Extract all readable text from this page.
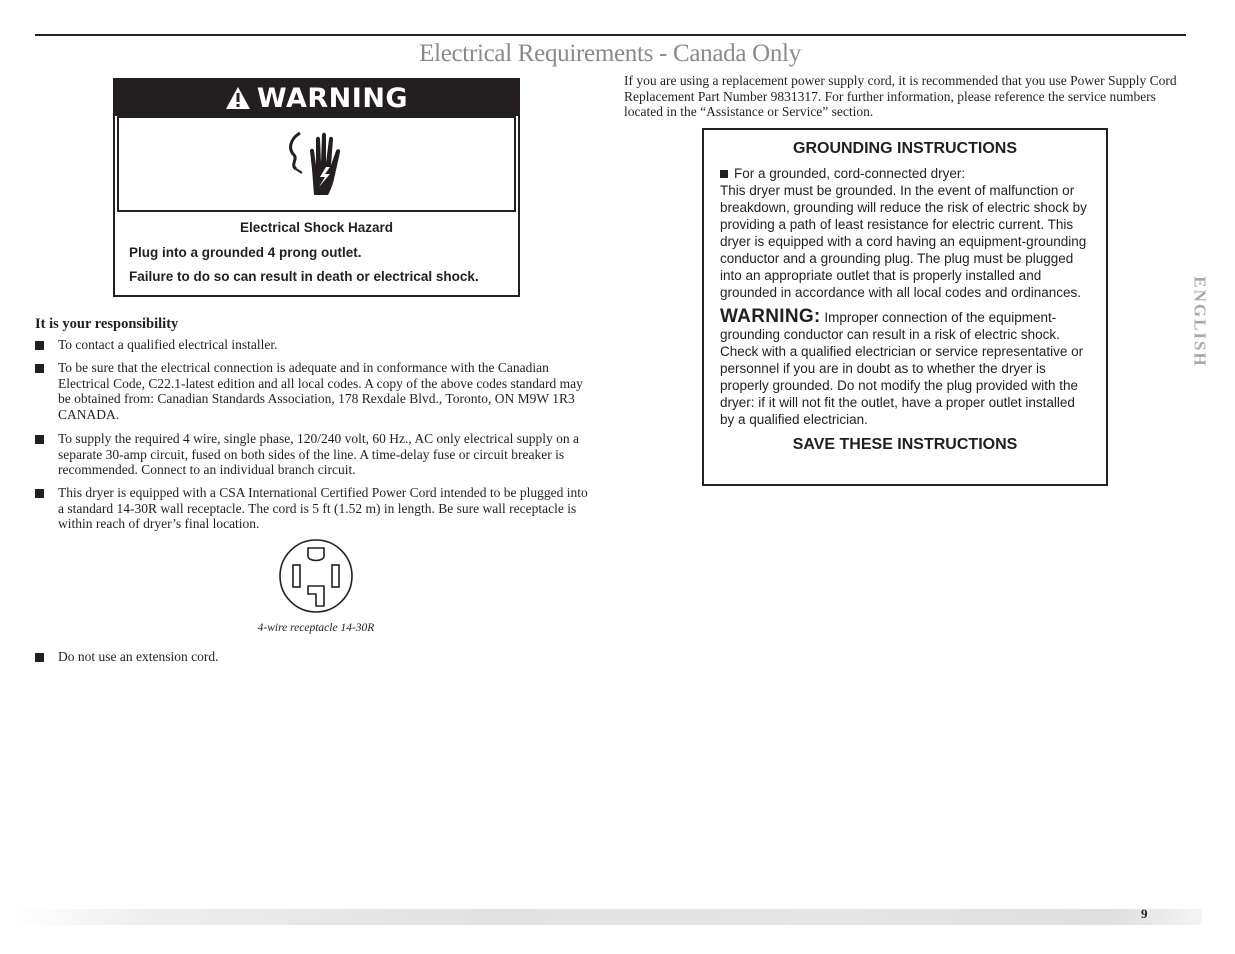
Electrical Requirements - Canada Only
ENGLISH
WARNING

Electrical Shock Hazard

Plug into a grounded 4 prong outlet.

Failure to do so can result in death or electrical shock.

It is your responsibility
To contact a qualified electrical installer.
To be sure that the electrical connection is adequate and in conformance with the Canadian Electrical Code, C22.1-latest edition and all local codes. A copy of the above codes standard may be obtained from: Canadian Standards Association, 178 Rexdale Blvd., Toronto, ON M9W 1R3 CANADA.
To supply the required 4 wire, single phase, 120/240 volt, 60 Hz., AC only electrical supply on a separate 30-amp circuit, fused on both sides of the line. A time-delay fuse or circuit breaker is recommended. Connect to an individual branch circuit.
This dryer is equipped with a CSA International Certified Power Cord intended to be plugged into a standard 14-30R wall receptacle. The cord is 5 ft (1.52 m) in length. Be sure wall receptacle is within reach of dryer’s final location.
4-wire receptacle 14-30R
Do not use an extension cord.
If you are using a replacement power supply cord, it is recommended that you use Power Supply Cord Replacement Part Number 9831317. For further information, please reference the service numbers located in the “Assistance or Service” section.
GROUNDING INSTRUCTIONS
For a grounded, cord-connected dryer:

This dryer must be grounded. In the event of malfunction or breakdown, grounding will reduce the risk of electric shock by providing a path of least resistance for electric current. This dryer is equipped with a cord having an equipment-grounding conductor and a grounding plug. The plug must be plugged into an appropriate outlet that is properly installed and grounded in accordance with all local codes and ordinances.

WARNING: Improper connection of the equipment-grounding conductor can result in a risk of electric shock. Check with a qualified electrician or service representative or personnel if you are in doubt as to whether the dryer is properly grounded. Do not modify the plug provided with the dryer: if it will not fit the outlet, have a proper outlet installed by a qualified electrician.
SAVE THESE INSTRUCTIONS
9
